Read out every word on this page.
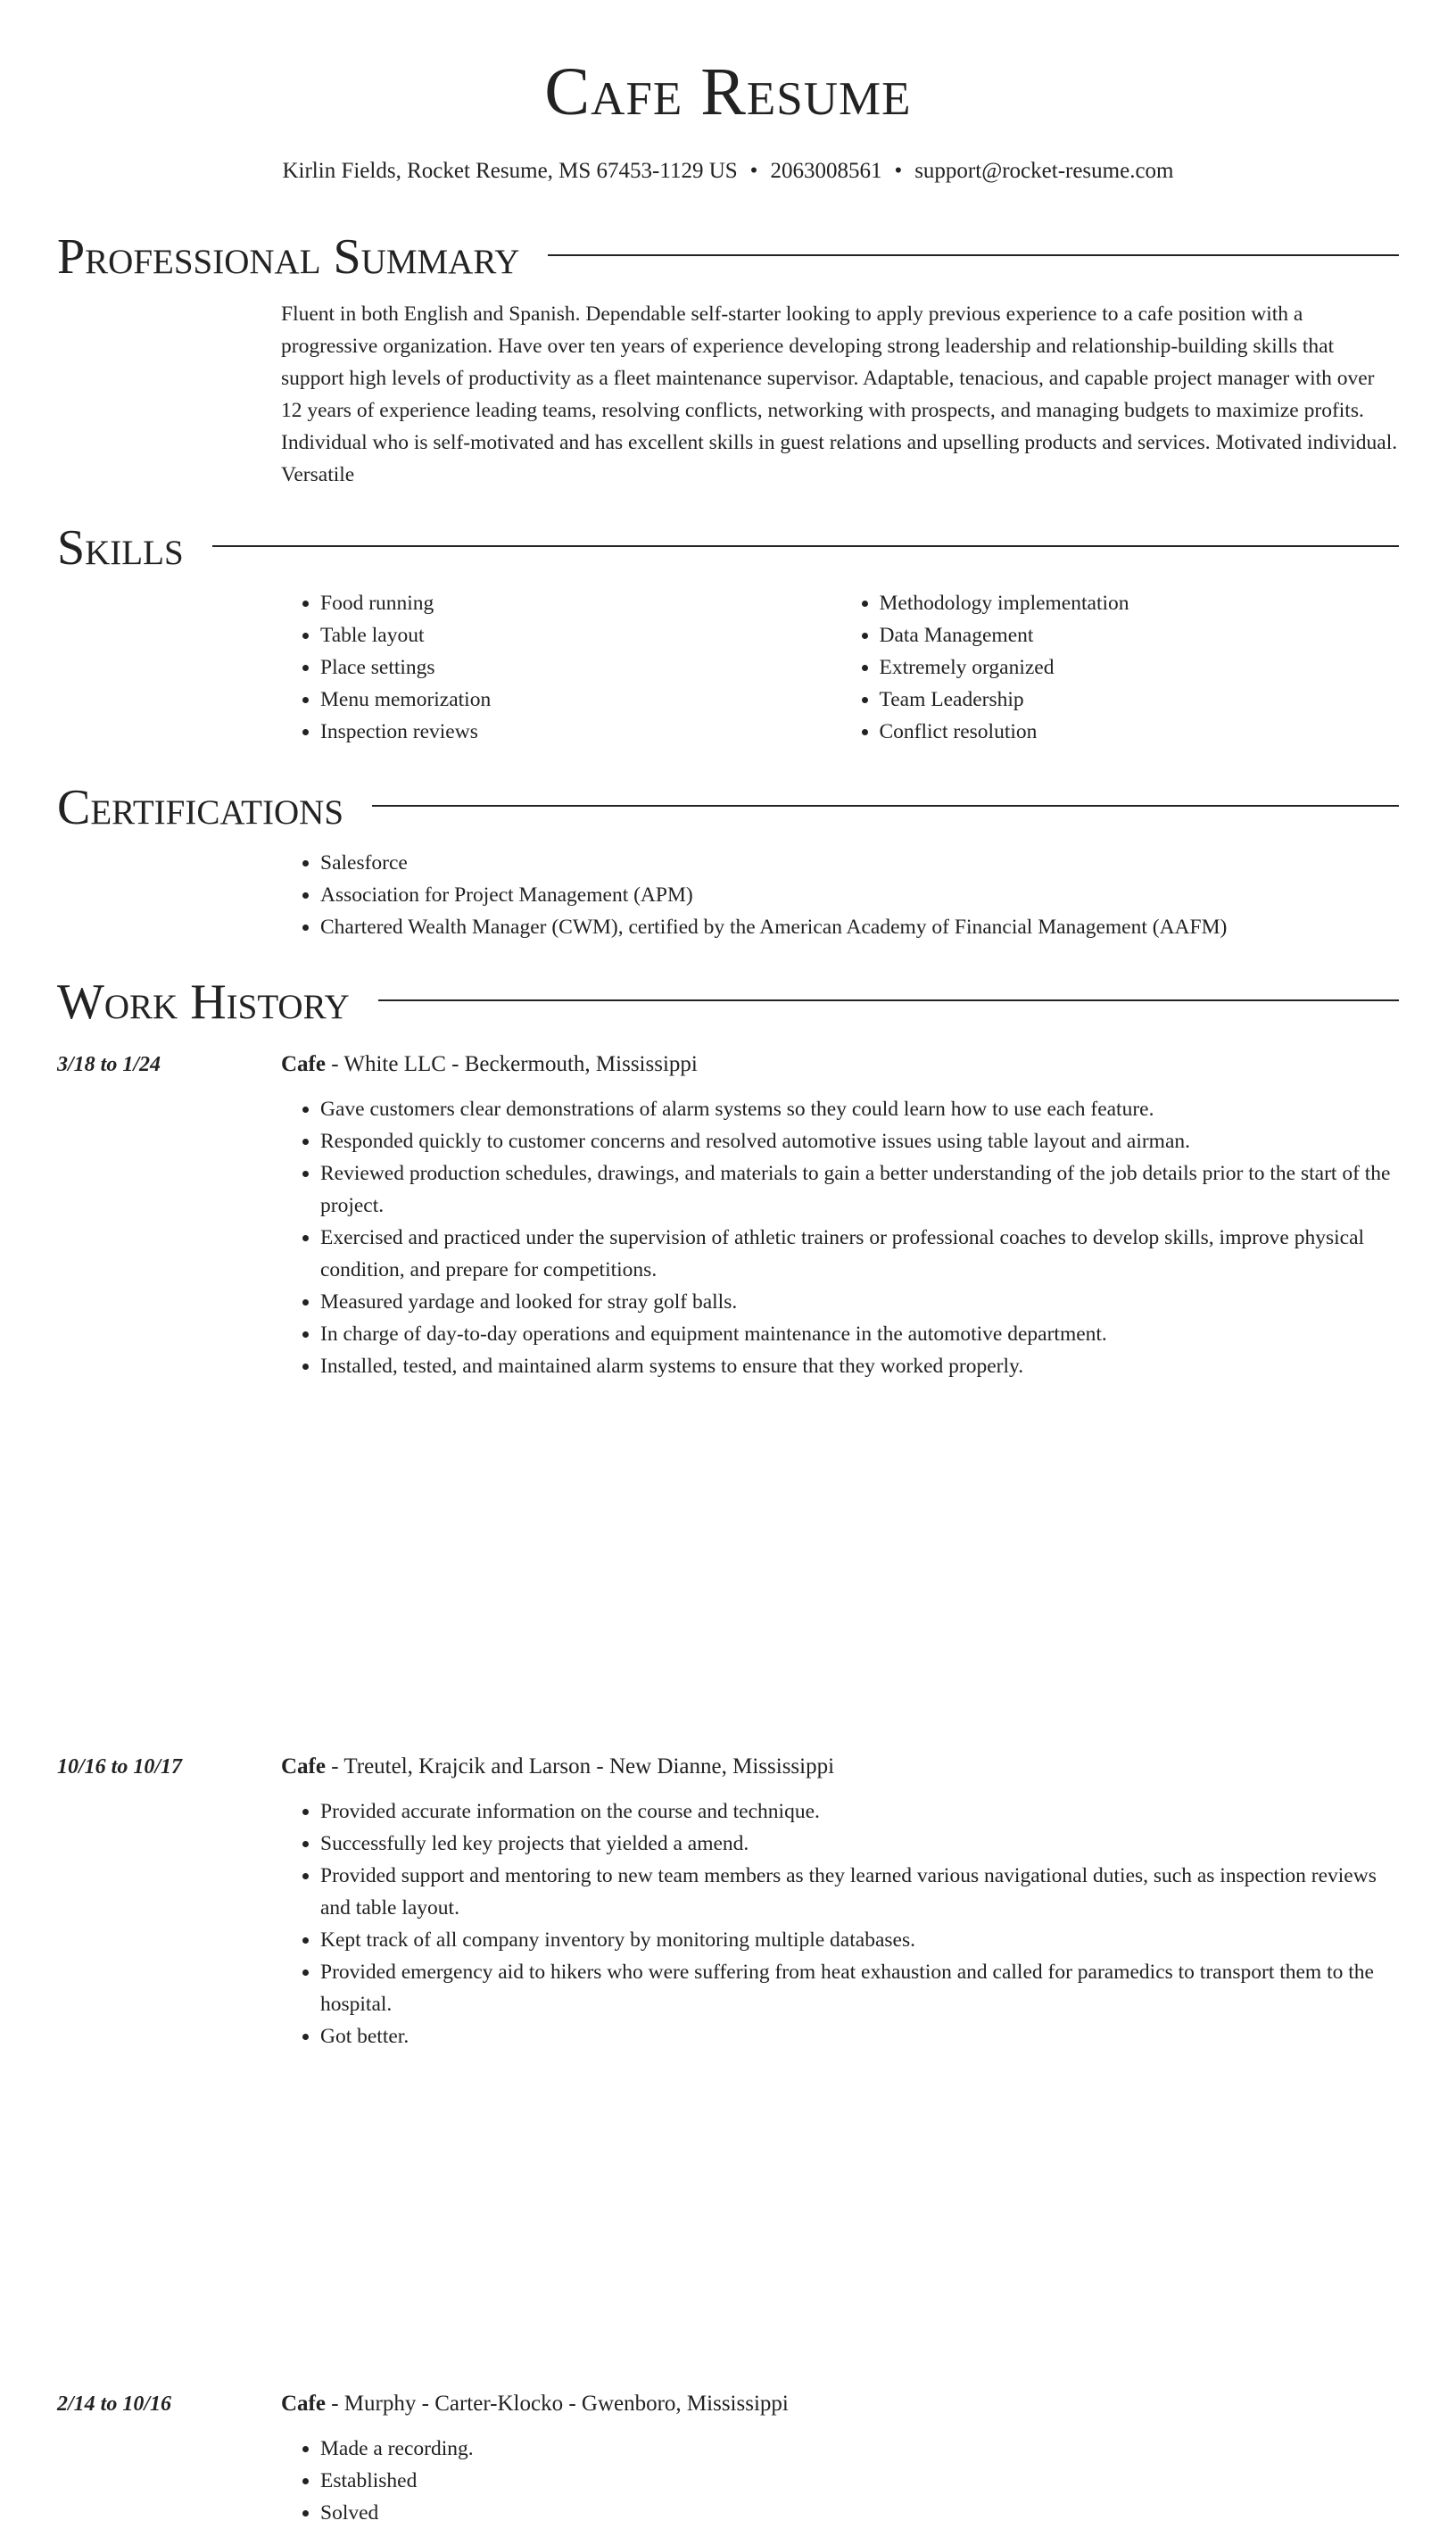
Cafe Resume
Kirlin Fields, Rocket Resume, MS 67453-1129 US • 2063008561 • support@rocket-resume.com
Professional Summary
Fluent in both English and Spanish. Dependable self-starter looking to apply previous experience to a cafe position with a progressive organization. Have over ten years of experience developing strong leadership and relationship-building skills that support high levels of productivity as a fleet maintenance supervisor. Adaptable, tenacious, and capable project manager with over 12 years of experience leading teams, resolving conflicts, networking with prospects, and managing budgets to maximize profits. Individual who is self-motivated and has excellent skills in guest relations and upselling products and services. Motivated individual. Versatile
Skills
• Food running
• Table layout
• Place settings
• Menu memorization
• Inspection reviews
• Methodology implementation
• Data Management
• Extremely organized
• Team Leadership
• Conflict resolution
Certifications
• Salesforce
• Association for Project Management (APM)
• Chartered Wealth Manager (CWM), certified by the American Academy of Financial Management (AAFM)
Work History
3/18 to 1/24	Cafe - White LLC - Beckermouth, Mississippi
• Gave customers clear demonstrations of alarm systems so they could learn how to use each feature.
• Responded quickly to customer concerns and resolved automotive issues using table layout and airman.
• Reviewed production schedules, drawings, and materials to gain a better understanding of the job details prior to the start of the project.
• Exercised and practiced under the supervision of athletic trainers or professional coaches to develop skills, improve physical condition, and prepare for competitions.
• Measured yardage and looked for stray golf balls.
• In charge of day-to-day operations and equipment maintenance in the automotive department.
• Installed, tested, and maintained alarm systems to ensure that they worked properly.
10/16 to 10/17	Cafe - Treutel, Krajcik and Larson - New Dianne, Mississippi
• Provided accurate information on the course and technique.
• Successfully led key projects that yielded a amend.
• Provided support and mentoring to new team members as they learned various navigational duties, such as inspection reviews and table layout.
• Kept track of all company inventory by monitoring multiple databases.
• Provided emergency aid to hikers who were suffering from heat exhaustion and called for paramedics to transport them to the hospital.
• Got better.
2/14 to 10/16	Cafe - Murphy - Carter-Klocko - Gwenboro, Mississippi
• Made a recording.
• Established
• Solved
